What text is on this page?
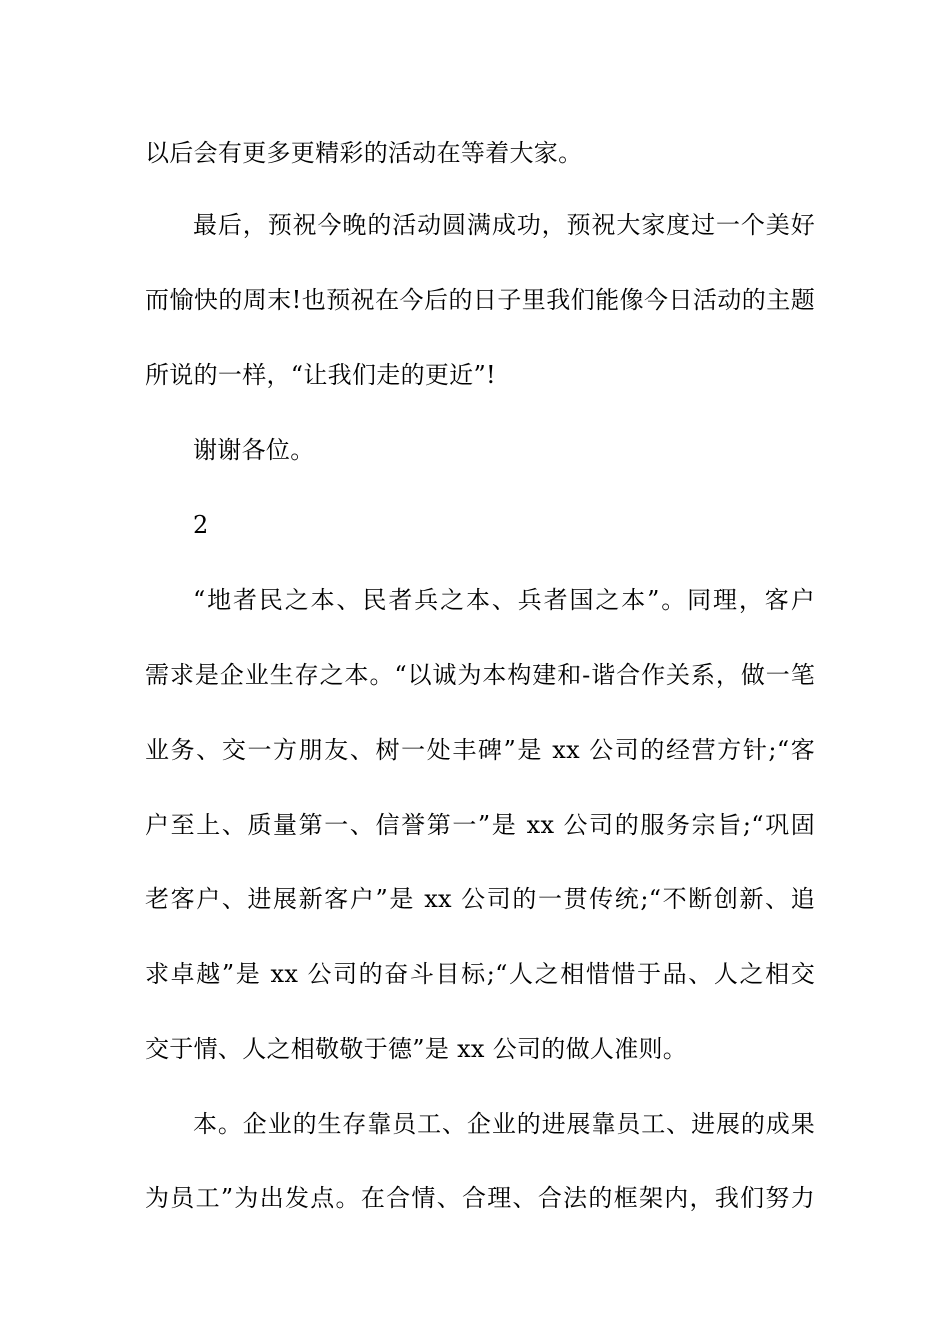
以后会有更多更精彩的活动在等着大家。
最后，预祝今晚的活动圆满成功，预祝大家度过一个美好
而愉快的周末!也预祝在今后的日子里我们能像今日活动的主题
所说的一样，“让我们走的更近”!
谢谢各位。
2
“地者民之本、民者兵之本、兵者国之本”。同理，客户
需求是企业生存之本。“以诚为本构建和-谐合作关系，做一笔
业务、交一方朋友、树一处丰碑”是 xx 公司的经营方针;“客
户至上、质量第一、信誉第一”是 xx 公司的服务宗旨;“巩固
老客户、进展新客户”是 xx 公司的一贯传统;“不断创新、追
求卓越”是 xx 公司的奋斗目标;“人之相惜惜于品、人之相交
交于情、人之相敬敬于德”是 xx 公司的做人准则。
本。企业的生存靠员工、企业的进展靠员工、进展的成果
为员工”为出发点。在合情、合理、合法的框架内，我们努力
